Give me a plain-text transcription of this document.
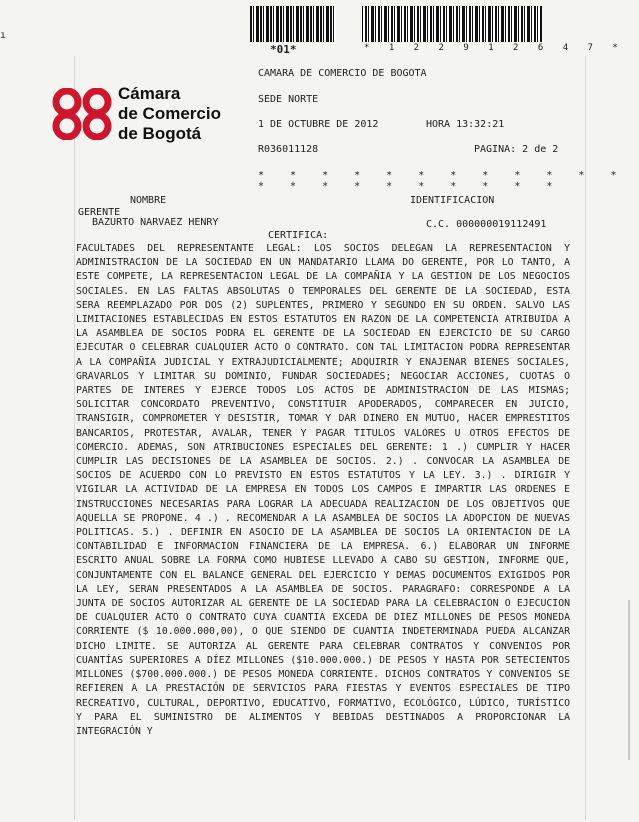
ı
*01*	* 1 2 2 9 1 2 6 4 7 *
Cámara
de Comercio
de Bogotá
CAMARA DE COMERCIO DE BOGOTA
SEDE NORTE
1 DE OCTUBRE DE 2012	HORA 13:32:21
R036011128	PAGINA: 2 de 2
* * * * * * * * * * * * * * * * * * * * * *
NOMBRE	IDENTIFICACION
GERENTE
BAZURTO NARVAEZ HENRY	C.C. 000000019112491
CERTIFICA:
FACULTADES DEL REPRESENTANTE LEGAL: LOS SOCIOS DELEGAN LA REPRESENTACION Y ADMINISTRACION DE LA SOCIEDAD EN UN MANDATARIO LLAMA DO GERENTE, POR LO TANTO, A ESTE COMPETE, LA REPRESENTACION LEGAL DE LA COMPAÑIA Y LA GESTION DE LOS NEGOCIOS SOCIALES. EN LAS FALTAS ABSOLUTAS O TEMPORALES DEL GERENTE DE LA SOCIEDAD, ESTA SERA REEMPLAZADO POR DOS (2) SUPLENTES, PRIMERO Y SEGUNDO EN SU ORDEN. SALVO LAS LIMITACIONES ESTABLECIDAS EN ESTOS ESTATUTOS EN RAZON DE LA COMPETENCIA ATRIBUIDA A LA ASAMBLEA DE SOCIOS PODRA EL GERENTE DE LA SOCIEDAD EN EJERCICIO DE SU CARGO EJECUTAR O CELEBRAR CUALQUIER ACTO O CONTRATO. CON TAL LIMITACION PODRA REPRESENTAR A LA COMPAÑIA JUDICIAL Y EXTRAJUDICIALMENTE; ADQUIRIR Y ENAJENAR BIENES SOCIALES, GRAVARLOS Y LIMITAR SU DOMINIO, FUNDAR SOCIEDADES; NEGOCIAR ACCIONES, CUOTAS O PARTES DE INTERES Y EJERCE TODOS LOS ACTOS DE ADMINISTRACION DE LAS MISMAS; SOLICITAR CONCORDATO PREVENTIVO, CONSTITUIR APODERADOS, COMPARECER EN JUICIO, TRANSIGIR, COMPROMETER Y DESISTIR, TOMAR Y DAR DINERO EN MUTUO, HACER EMPRESTITOS BANCARIOS, PROTESTAR, AVALAR, TENER Y PAGAR TITULOS VALORES U OTROS EFECTOS DE COMERCIO. ADEMAS, SON ATRIBUCIONES ESPECIALES DEL GERENTE: 1 .) CUMPLIR Y HACER CUMPLIR LAS DECISIONES DE LA ASAMBLEA DE SOCIOS. 2.) . CONVOCAR LA ASAMBLEA DE SOCIOS DE ACUERDO CON LO PREVISTO EN ESTOS ESTATUTOS Y LA LEY. 3.) . DIRIGIR Y VIGILAR LA ACTIVIDAD DE LA EMPRESA EN TODOS LOS CAMPOS E IMPARTIR LAS ORDENES E INSTRUCCIONES NECESARIAS PARA LOGRAR LA ADECUADA REALIZACION DE LOS OBJETIVOS QUE AQUELLA SE PROPONE. 4 .) . RECOMENDAR A LA ASAMBLEA DE SOCIOS LA ADOPCION DE NUEVAS POLITICAS. 5.) . DEFINIR EN ASOCIO DE LA ASAMBLEA DE SOCIOS LA ORIENTACION DE LA CONTABILIDAD E INFORMACION FINANCIERA DE LA EMPRESA. 6.) ELABORAR UN INFORME ESCRITO ANUAL SOBRE LA FORMA COMO HUBIESE LLEVADO A CABO SU GESTION, INFORME QUE, CONJUNTAMENTE CON EL BALANCE GENERAL DEL EJERCICIO Y DEMAS DOCUMENTOS EXIGIDOS POR LA LEY, SERAN PRESENTADOS A LA ASAMBLEA DE SOCIOS. PARAGRAFO: CORRESPONDE A LA JUNTA DE SOCIOS AUTORIZAR AL GERENTE DE LA SOCIEDAD PARA LA CELEBRACION O EJECUCION DE CUALQUIER ACTO O CONTRATO CUYA CUANTIA EXCEDA DE DIEZ MILLONES DE PESOS MONEDA CORRIENTE ($ 10.000.000,00), O QUE SIENDO DE CUANTIA INDETERMINADA PUEDA ALCANZAR DICHO LIMITE. SE AUTORIZA AL GERENTE PARA CELEBRAR CONTRATOS Y CONVENIOS POR CUANTÍAS SUPERIORES A DÍEZ MILLONES ($10.000.000.) DE PESOS Y HASTA POR SETECIENTOS MILLONES ($700.000.000.) DE PESOS MONEDA CORRIENTE. DICHOS CONTRATOS Y CONVENIOS SE REFIEREN A LA PRESTACIÓN DE SERVICIOS PARA FIESTAS Y EVENTOS ESPECIALES DE TIPO RECREATIVO, CULTURAL, DEPORTIVO, EDUCATIVO, FORMATIVO, ECOLÓGICO, LÚDICO, TURÍSTICO Y PARA EL SUMINISTRO DE ALIMENTOS Y BEBIDAS DESTINADOS A PROPORCIONAR LA INTEGRACIÓN Y
